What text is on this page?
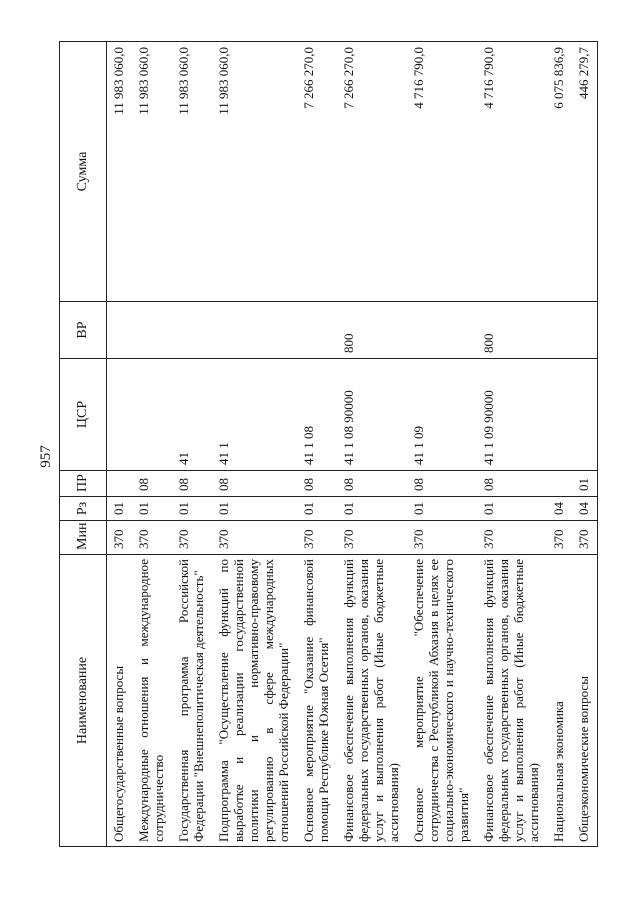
957
Наименование	Мин	Рз	ПР	ЦСР	ВР	Сумма
Общегосударственные вопросы	370	01				11 983 060,0
Международные отношения и международное сотрудничество	370	01	08			11 983 060,0
Государственная программа Российской Федерации "Внешнеполитическая деятельность"	370	01	08	41		11 983 060,0
Подпрограмма "Осуществление функций по выработке и реализации государственной политики и нормативно-правовому регулированию в сфере международных отношений Российской Федерации"	370	01	08	41 1		11 983 060,0
Основное мероприятие "Оказание финансовой помощи Республике Южная Осетия"	370	01	08	41 1 08		7 266 270,0
Финансовое обеспечение выполнения функций федеральных государственных органов, оказания услуг и выполнения работ (Иные бюджетные ассигнования)	370	01	08	41 1 08 90000	800	7 266 270,0
Основное мероприятие "Обеспечение сотрудничества с Республикой Абхазия в целях ее социально-экономического и научно-технического развития"	370	01	08	41 1 09		4 716 790,0
Финансовое обеспечение выполнения функций федеральных государственных органов, оказания услуг и выполнения работ (Иные бюджетные ассигнования)	370	01	08	41 1 09 90000	800	4 716 790,0
Национальная экономика	370	04				6 075 836,9
Общеэкономические вопросы	370	04	01			446 279,7
